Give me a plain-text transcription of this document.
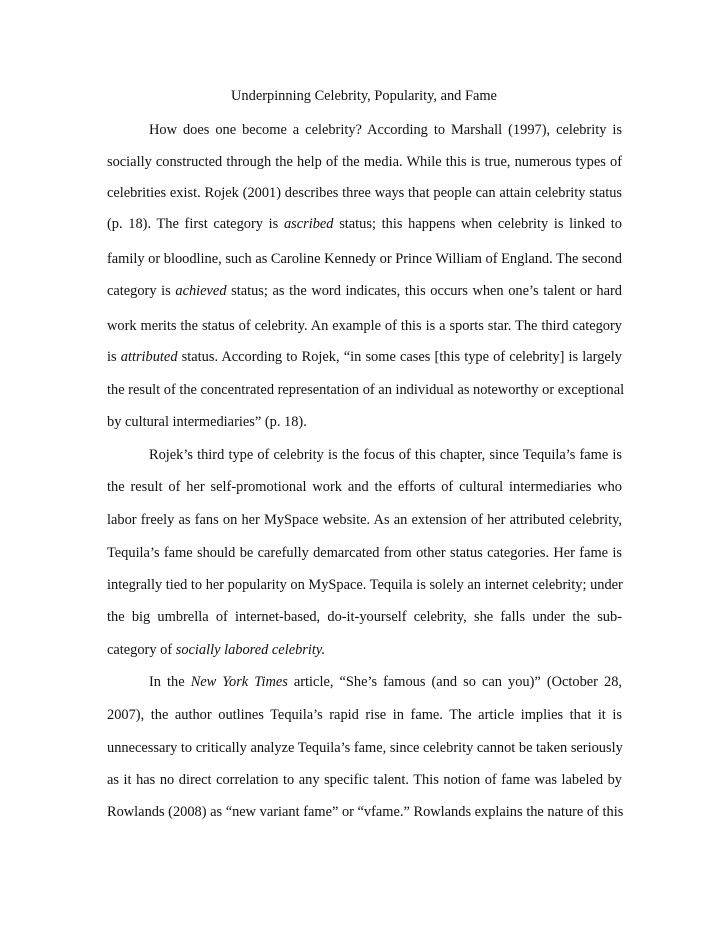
Underpinning Celebrity, Popularity, and Fame
How does one become a celebrity? According to Marshall (1997), celebrity is
socially constructed through the help of the media. While this is true, numerous types of
celebrities exist. Rojek (2001) describes three ways that people can attain celebrity status
(p. 18). The first category is ascribed status; this happens when celebrity is linked to
family or bloodline, such as Caroline Kennedy or Prince William of England. The second
category is achieved status; as the word indicates, this occurs when one’s talent or hard
work merits the status of celebrity. An example of this is a sports star. The third category
is attributed status. According to Rojek, “in some cases [this type of celebrity] is largely
the result of the concentrated representation of an individual as noteworthy or exceptional
by cultural intermediaries” (p. 18).
Rojek’s third type of celebrity is the focus of this chapter, since Tequila’s fame is
the result of her self-promotional work and the efforts of cultural intermediaries who
labor freely as fans on her MySpace website. As an extension of her attributed celebrity,
Tequila’s fame should be carefully demarcated from other status categories. Her fame is
integrally tied to her popularity on MySpace. Tequila is solely an internet celebrity; under
the big umbrella of internet-based, do-it-yourself celebrity, she falls under the sub-
category of socially labored celebrity.
In the New York Times article, “She’s famous (and so can you)” (October 28,
2007), the author outlines Tequila’s rapid rise in fame. The article implies that it is
unnecessary to critically analyze Tequila’s fame, since celebrity cannot be taken seriously
as it has no direct correlation to any specific talent. This notion of fame was labeled by
Rowlands (2008) as “new variant fame” or “vfame.” Rowlands explains the nature of this
